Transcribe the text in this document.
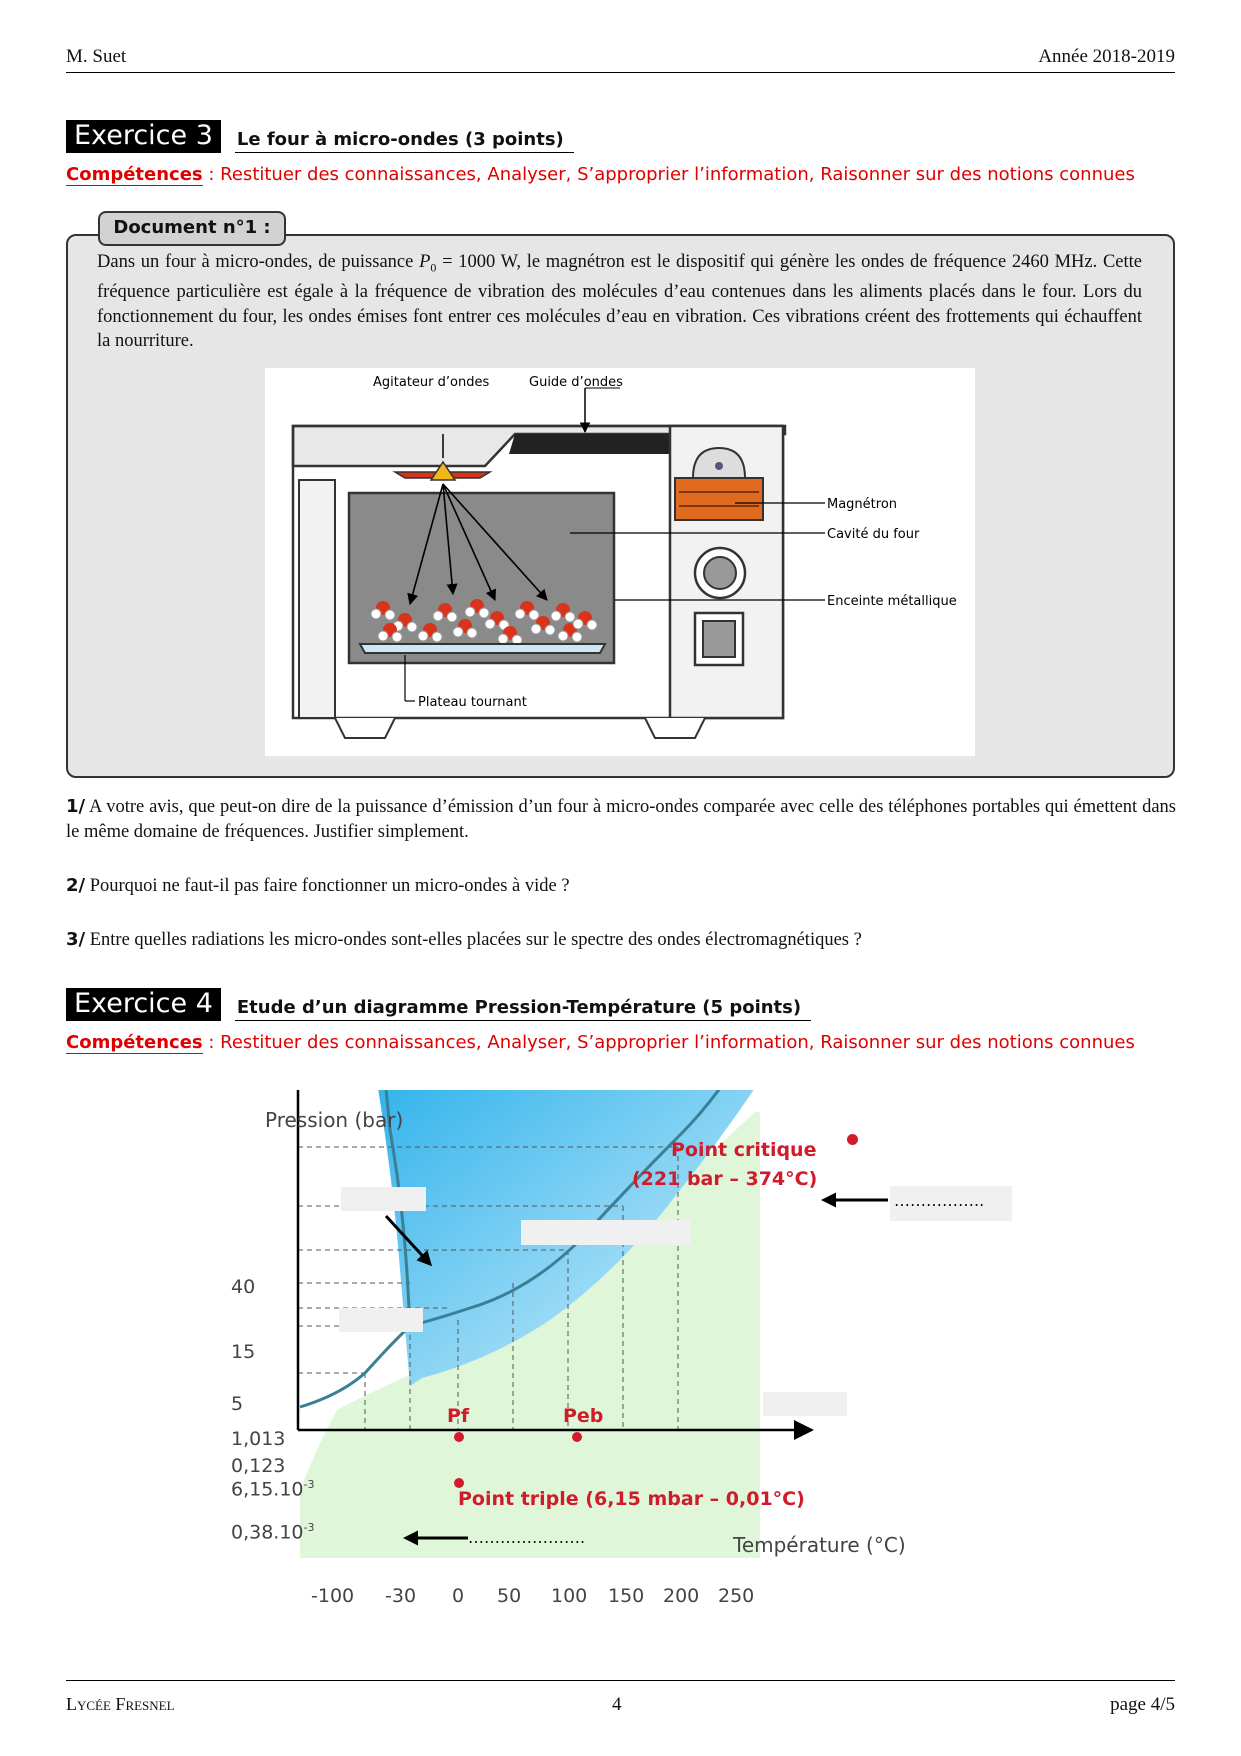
M. Suet	Année 2018-2019
Exercice 3	Le four à micro-ondes (3 points)
Compétences : Restituer des connaissances, Analyser, S’approprier l’information, Raisonner sur des notions connues
Document n°1 :
Dans un four à micro-ondes, de puissance $P_0 = 1000$ W, le magnétron est le dispositif qui génère les ondes de fréquence 2460 MHz. Cette fréquence particulière est égale à la fréquence de vibration des molécules d’eau contenues dans les aliments placés dans le four. Lors du fonctionnement du four, les ondes émises font entrer ces molécules d’eau en vibration. Ces vibrations créent des frottements qui échauffent la nourriture.
Agitateur d’ondes	Guide d’ondes
Magnétron
Cavité du four
Enceinte métallique
Plateau tournant
1/ A votre avis, que peut-on dire de la puissance d’émission d’un four à micro-ondes comparée avec celle des téléphones portables qui émettent dans le même domaine de fréquences. Justifier simplement.
2/ Pourquoi ne faut-il pas faire fonctionner un micro-ondes à vide ?
3/ Entre quelles radiations les micro-ondes sont-elles placées sur le spectre des ondes électromagnétiques ?
Exercice 4	Etude d’un diagramme Pression-Température (5 points)
Compétences : Restituer des connaissances, Analyser, S’approprier l’information, Raisonner sur des notions connues
Pression (bar)
Température (°C)
40
15
5
1,013
0,123
$6,15.10^{-3}$
$0,38.10^{-3}$
-100 -30 0 50 100 150 200 250
Point critique
(221 bar – 374°C)
Point triple (6,15 mbar – 0,01°C)
Pf	Peb
……………..
………………….
Lycée Fresnel	4	page 4/5
